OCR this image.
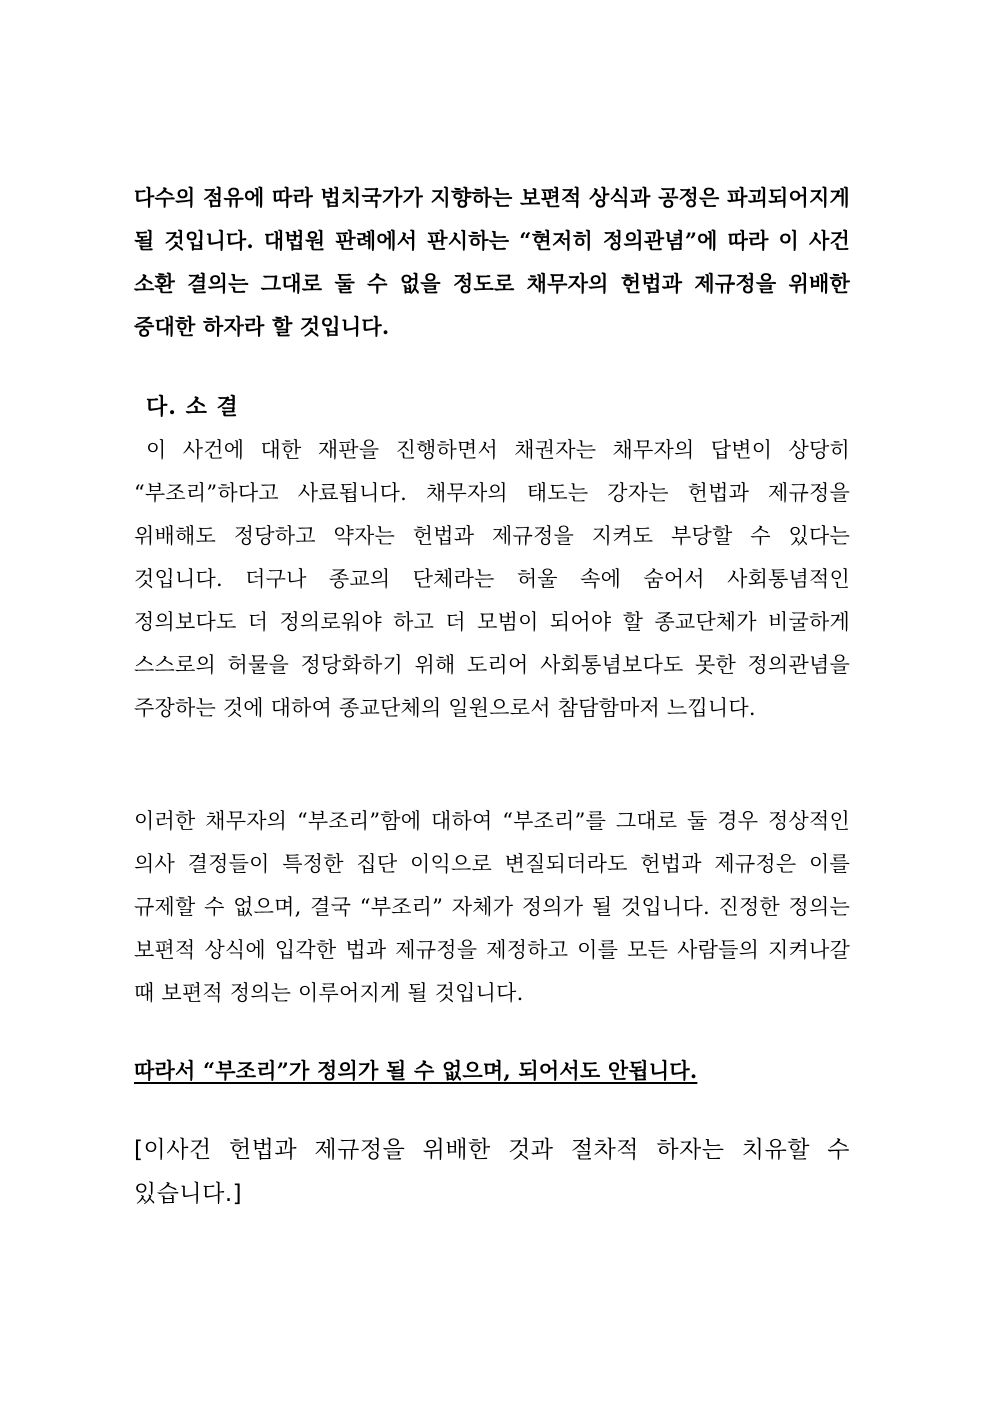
다수의 점유에 따라 법치국가가 지향하는 보편적 상식과 공정은 파괴되어지게 될 것입니다. 대법원 판례에서 판시하는 “현저히 정의관념”에 따라 이 사건 소환 결의는 그대로 둘 수 없을 정도로 채무자의 헌법과 제규정을 위배한 중대한 하자라 할 것입니다.

다. 소 결

이 사건에 대한 재판을 진행하면서 채권자는 채무자의 답변이 상당히 “부조리”하다고 사료됩니다. 채무자의 태도는 강자는 헌법과 제규정을 위배해도 정당하고 약자는 헌법과 제규정을 지켜도 부당할 수 있다는 것입니다. 더구나 종교의 단체라는 허울 속에 숨어서 사회통념적인 정의보다도 더 정의로워야 하고 더 모범이 되어야 할 종교단체가 비굴하게 스스로의 허물을 정당화하기 위해 도리어 사회통념보다도 못한 정의관념을 주장하는 것에 대하여 종교단체의 일원으로서 참담함마저 느낍니다.

이러한 채무자의 “부조리”함에 대하여 “부조리”를 그대로 둘 경우 정상적인 의사 결정들이 특정한 집단 이익으로 변질되더라도 헌법과 제규정은 이를 규제할 수 없으며, 결국 “부조리” 자체가 정의가 될 것입니다. 진정한 정의는 보편적 상식에 입각한 법과 제규정을 제정하고 이를 모든 사람들의 지켜나갈 때 보편적 정의는 이루어지게 될 것입니다.

따라서 “부조리”가 정의가 될 수 없으며, 되어서도 안됩니다.

[이사건 헌법과 제규정을 위배한 것과 절차적 하자는 치유할 수 있습니다.]
